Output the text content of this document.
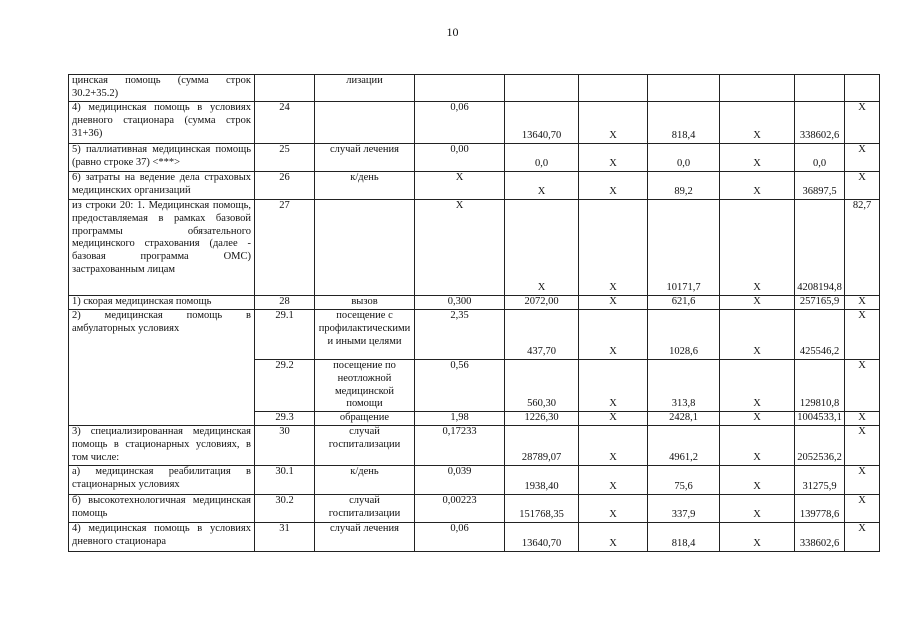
10
цинская помощь (сумма строк 30.2+35.2)		лизации							
4) медицинская помощь в условиях дневного стационара (сумма строк 31+36)	24		0,06	13640,70	X	818,4	X	338602,6	X
5) паллиативная медицинская помощь (равно строке 37) <***>	25	случай лечения	0,00	0,0	X	0,0	X	0,0	X
6) затраты на ведение дела страховых медицинских организаций	26	к/день	X	X	X	89,2	X	36897,5	X
из строки 20: 1. Медицинская помощь, предоставляемая в рамках базовой программы обязательного медицинского страхования (далее - базовая программа ОМС) застрахованным лицам	27		X	X	X	10171,7	X	4208194,8	82,7
1) скорая медицинская помощь	28	вызов	0,300	2072,00	X	621,6	X	257165,9	X
2) медицинская помощь в амбулаторных условиях	29.1	посещение с профилактическими и иными целями	2,35	437,70	X	1028,6	X	425546,2	X
	29.2	посещение по неотложной медицинской помощи	0,56	560,30	X	313,8	X	129810,8	X
	29.3	обращение	1,98	1226,30	X	2428,1	X	1004533,1	X
3) специализированная медицинская помощь в стационарных условиях, в том числе:	30	случай госпитализации	0,17233	28789,07	X	4961,2	X	2052536,2	X
а) медицинская реабилитация в стационарных условиях	30.1	к/день	0,039	1938,40	X	75,6	X	31275,9	X
б) высокотехнологичная медицинская помощь	30.2	случай госпитализации	0,00223	151768,35	X	337,9	X	139778,6	X
4) медицинская помощь в условиях дневного стационара	31	случай лечения	0,06	13640,70	X	818,4	X	338602,6	X
